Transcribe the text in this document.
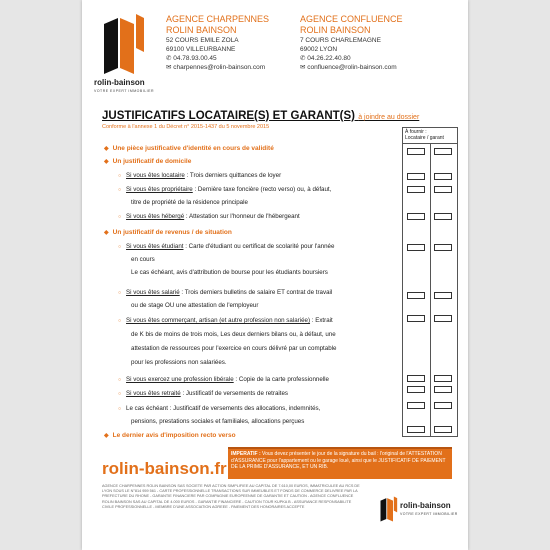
rolin-bainson
VOTRE EXPERT IMMOBILIER
AGENCE CHARPENNES
ROLIN BAINSON
52 COURS EMILE ZOLA
69100 VILLEURBANNE
✆ 04.78.93.00.45
✉ charpennes@rolin-bainson.com
AGENCE CONFLUENCE
ROLIN BAINSON
7 COURS CHARLEMAGNE
69002 LYON
✆ 04.26.22.40.80
✉ confluence@rolin-bainson.com
JUSTIFICATIFS LOCATAIRE(S) ET GARANT(S) à joindre au dossier
Conforme à l'annexe 1 du Décret n° 2015-1437 du 5 novembre 2015
À fournir :
Locataire / garant
◆ Une pièce justificative d'identité en cours de validité
◆ Un justificatif de domicile
○ Si vous êtes locataire : Trois derniers quittances de loyer
○ Si vous êtes propriétaire : Dernière taxe foncière (recto verso) ou, à défaut,
titre de propriété de la résidence principale
○ Si vous êtes hébergé : Attestation sur l'honneur de l'hébergeant
◆ Un justificatif de revenus / de situation
○ Si vous êtes étudiant : Carte d'étudiant ou certificat de scolarité pour l'année
en cours
Le cas échéant, avis d'attribution de bourse pour les étudiants boursiers
○ Si vous êtes salarié : Trois derniers bulletins de salaire ET contrat de travail
ou de stage OU une attestation de l'employeur
○ Si vous êtes commerçant, artisan (et autre profession non salariée) : Extrait
de K bis de moins de trois mois, Les deux derniers bilans ou, à défaut, une
attestation de ressources pour l'exercice en cours délivré par un comptable
pour les professions non salariées.
○ Si vous exercez une profession libérale : Copie de la carte professionnelle
○ Si vous êtes retraité : Justificatif de versements de retraites
○ Le cas échéant : Justificatif de versements des allocations, indemnités,
pensions, prestations sociales et familiales, allocations perçues
◆ Le dernier avis d'imposition recto verso
IMPERATIF : Vous devez présenter le jour de la signature du bail : l'original de l'ATTESTATION d'ASSURANCE pour l'appartement ou le garage loué, ainsi que le JUSTIFICATIF DE PAIEMENT DE LA PRIME D'ASSURANCE, ET UN RIB.
rolin-bainson.fr
AGENCE CHARPENNES ROLIN BAINSON SAS SOCIETE PAR ACTION SIMPLIFIEE AU CAPITAL DE 7.610,00 EUROS, IMMATRICULEE AU RCS DE LYON SOUS LE N°814 959 561 - CARTE PROFESSIONNELLE TRANSACTIONS SUR IMMEUBLES ET FONDS DE COMMERCE DELIVREE PAR LA PREFECTURE DU RHONE - GARANTIE FINANCIERE PAR COMPAGNIE EUROPEENNE DE GARANTIE ET CAUTION - AGENCE CONFLUENCE ROLIN BAINSON SAS AU CAPITAL DE 4.000 EUROS - GARANTIE FINANCIERE - CAUTION TOUR KUPKA B - ASSURANCE RESPONSABILITE CIVILE PROFESSIONNELLE - MEMBRE D'UNE ASSOCIATION AGREEE - PAIEMENT DES HONORAIRES ACCEPTE	rolin-bainson
VOTRE EXPERT IMMOBILIER
